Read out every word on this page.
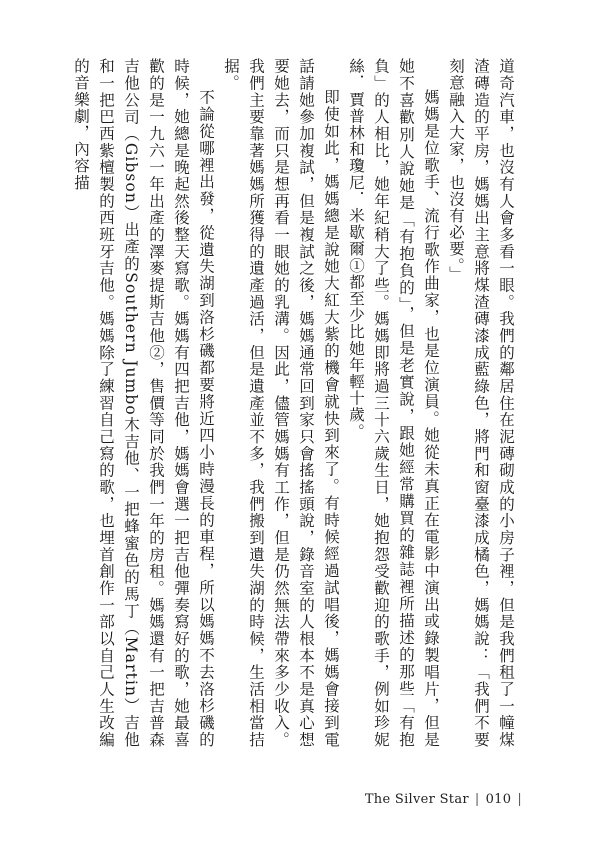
道奇汽車，也沒有人會多看一眼。我們的鄰居住在泥磚砌成的小房子裡，但是我們租了一幢煤渣磚造的平房，媽媽出主意將煤渣磚漆成藍綠色，將門和窗臺漆成橘色，媽媽說：「我們不要刻意融入大家，也沒有必要。」

媽媽是位歌手、流行歌作曲家，也是位演員。她從未真正在電影中演出或錄製唱片，但是她不喜歡別人說她是「有抱負的」，但是老實說，跟她經常購買的雜誌裡所描述的那些「有抱負」的人相比，她年紀稍大了些。媽媽即將過三十六歲生日，她抱怨受歡迎的歌手，例如珍妮絲．賈普林和瓊尼．米歇爾①都至少比她年輕十歲。

即使如此，媽媽總是說她大紅大紫的機會就快到來了。有時候經過試唱後，媽媽會接到電話請她參加複試，但是複試之後，媽媽通常回到家只會搖搖頭說，錄音室的人根本不是真心想要她去，而只是想再看一眼她的乳溝。因此，儘管媽媽有工作，但是仍然無法帶來多少收入。我們主要靠著媽媽所獲得的遺產過活，但是遺產並不多，我們搬到遺失湖的時候，生活相當拮据。

不論從哪裡出發，從遺失湖到洛杉磯都要將近四小時漫長的車程，所以媽媽不去洛杉磯的時候，她總是晚起然後整天寫歌。媽媽有四把吉他，媽媽會選一把吉他彈奏寫好的歌，她最喜歡的是一九六一年出產的澤麥提斯吉他②，售價等同於我們一年的房租。媽媽還有一把吉普森吉他公司（Gibson）出產的Southern Jumbo木吉他、一把蜂蜜色的馬丁（Martin）吉他和一把巴西紫檀製的西班牙吉他。媽媽除了練習自己寫的歌，也埋首創作一部以自己人生改編的音樂劇，內容描

The Silver Star | 010 |
